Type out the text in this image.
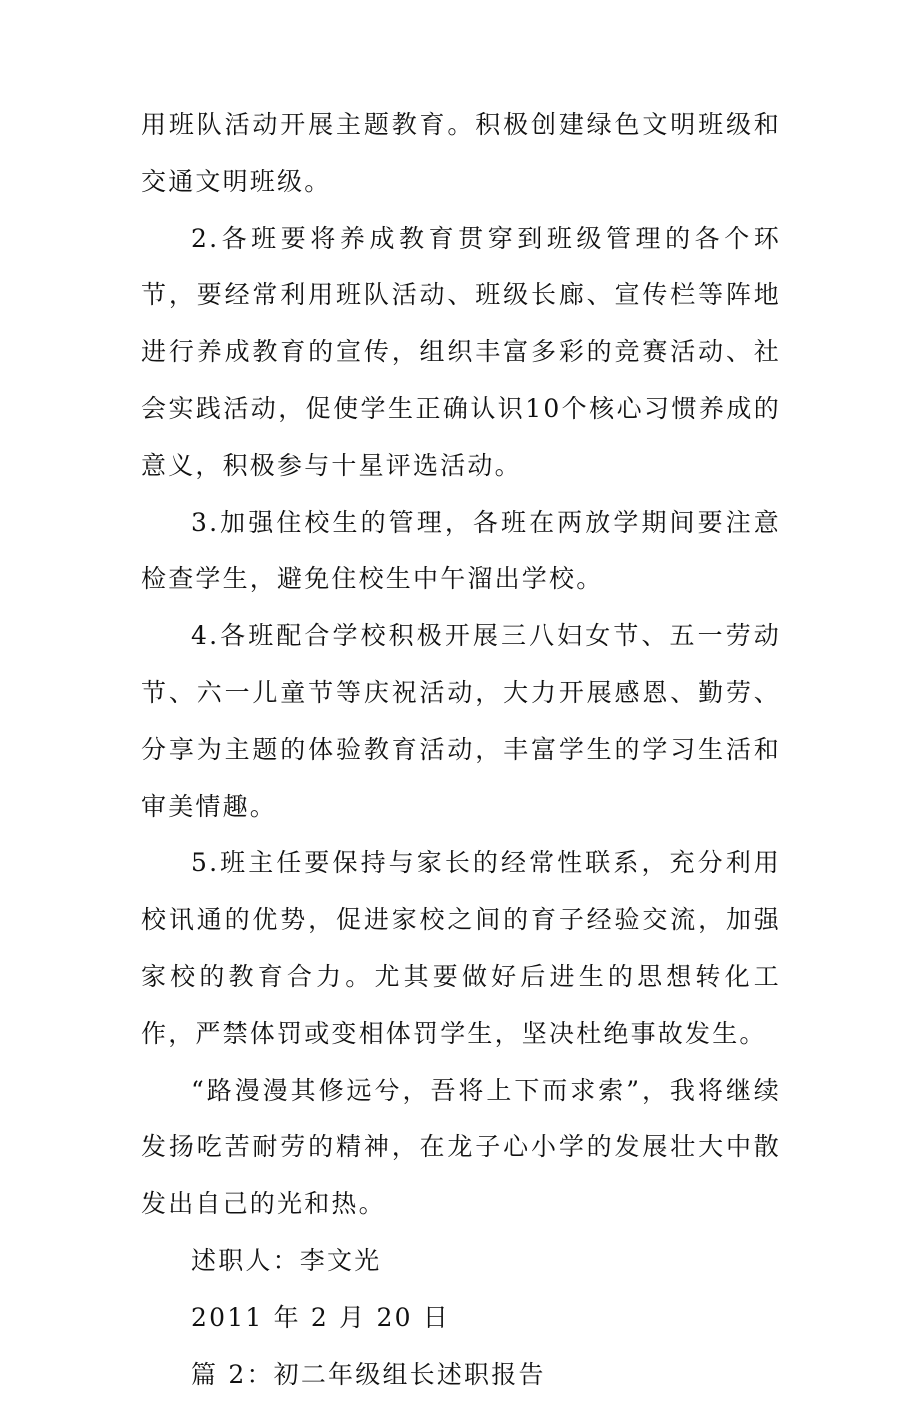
用班队活动开展主题教育。积极创建绿色文明班级和交通文明班级。

2.各班要将养成教育贯穿到班级管理的各个环节，要经常利用班队活动、班级长廊、宣传栏等阵地进行养成教育的宣传，组织丰富多彩的竞赛活动、社会实践活动，促使学生正确认识10个核心习惯养成的意义，积极参与十星评选活动。

3.加强住校生的管理，各班在两放学期间要注意检查学生，避免住校生中午溜出学校。

4.各班配合学校积极开展三八妇女节、五一劳动节、六一儿童节等庆祝活动，大力开展感恩、勤劳、分享为主题的体验教育活动，丰富学生的学习生活和审美情趣。

5.班主任要保持与家长的经常性联系，充分利用校讯通的优势，促进家校之间的育子经验交流，加强家校的教育合力。尤其要做好后进生的思想转化工作，严禁体罚或变相体罚学生，坚决杜绝事故发生。

“路漫漫其修远兮，吾将上下而求索”，我将继续发扬吃苦耐劳的精神，在龙子心小学的发展壮大中散发出自己的光和热。

述职人：李文光

2011 年 2 月 20 日

篇 2：初二年级组长述职报告
